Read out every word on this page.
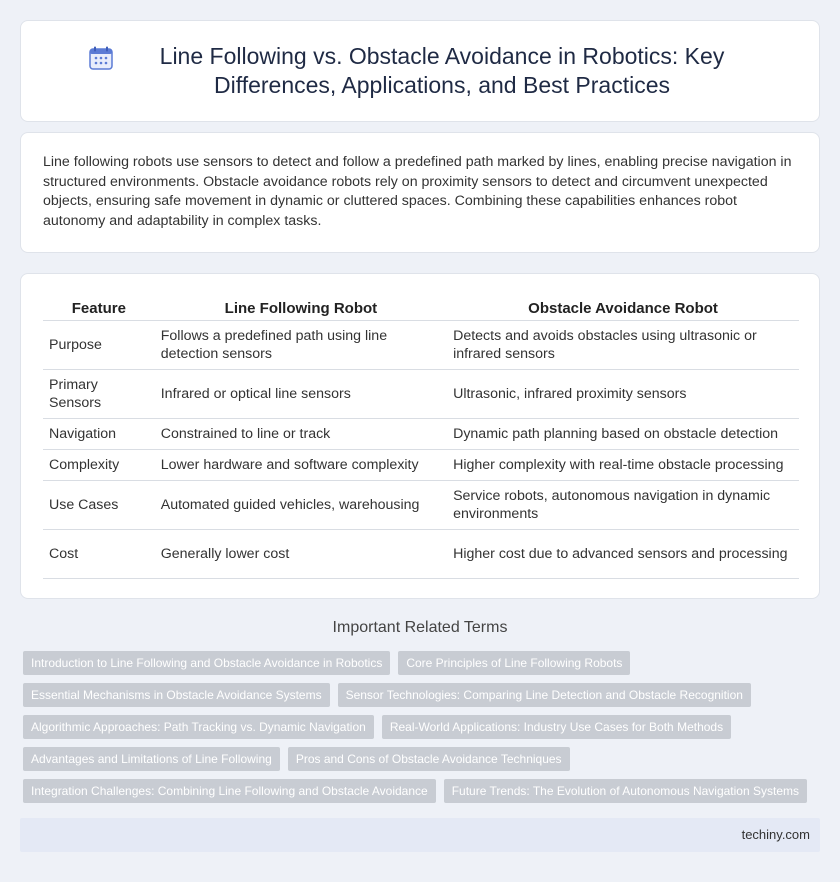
Line Following vs. Obstacle Avoidance in Robotics: Key Differences, Applications, and Best Practices

Line following robots use sensors to detect and follow a predefined path marked by lines, enabling precise navigation in structured environments. Obstacle avoidance robots rely on proximity sensors to detect and circumvent unexpected objects, ensuring safe movement in dynamic or cluttered spaces. Combining these capabilities enhances robot autonomy and adaptability in complex tasks.

Feature	Line Following Robot	Obstacle Avoidance Robot
Purpose	Follows a predefined path using line detection sensors	Detects and avoids obstacles using ultrasonic or infrared sensors
Primary Sensors	Infrared or optical line sensors	Ultrasonic, infrared proximity sensors
Navigation	Constrained to line or track	Dynamic path planning based on obstacle detection
Complexity	Lower hardware and software complexity	Higher complexity with real-time obstacle processing
Use Cases	Automated guided vehicles, warehousing	Service robots, autonomous navigation in dynamic environments
Cost	Generally lower cost	Higher cost due to advanced sensors and processing
Important Related Terms
Introduction to Line Following and Obstacle Avoidance in Robotics	Core Principles of Line Following Robots
Essential Mechanisms in Obstacle Avoidance Systems	Sensor Technologies: Comparing Line Detection and Obstacle Recognition
Algorithmic Approaches: Path Tracking vs. Dynamic Navigation	Real-World Applications: Industry Use Cases for Both Methods
Advantages and Limitations of Line Following	Pros and Cons of Obstacle Avoidance Techniques
Integration Challenges: Combining Line Following and Obstacle Avoidance	Future Trends: The Evolution of Autonomous Navigation Systems
techiny.com
